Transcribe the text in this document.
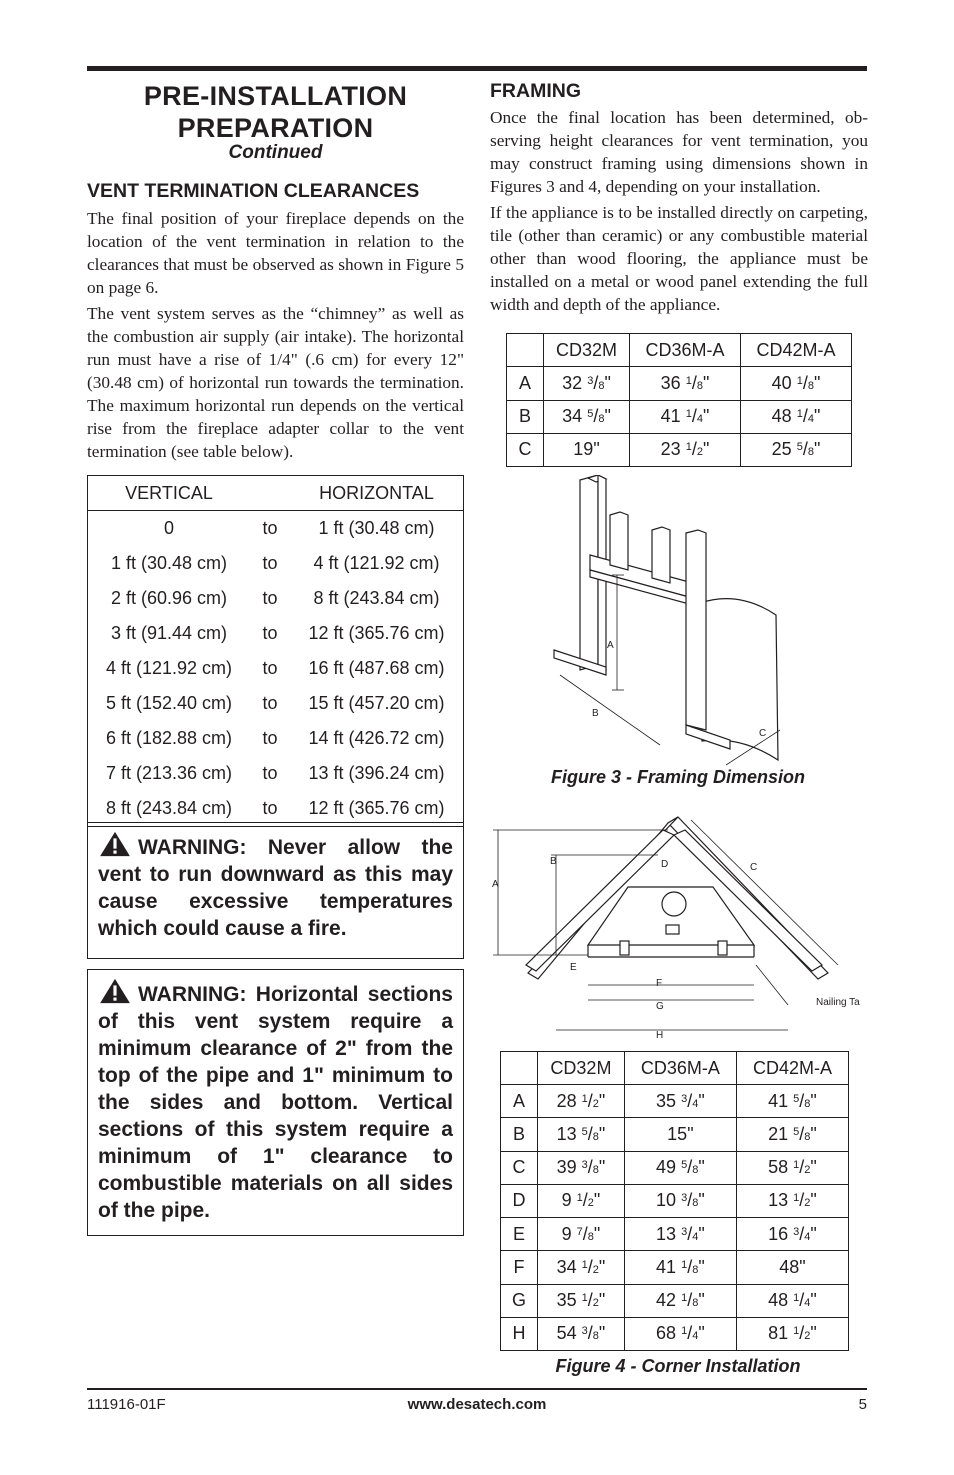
PRE-INSTALLATION
PREPARATION
Continued
VENT TERMINATION CLEARANCES

The final position of your fireplace depends on the location of the vent termination in relation to the clearances that must be observed as shown in Figure 5 on page 6.

The vent system serves as the “chimney” as well as the combustion air supply (air intake). The horizontal run must have a rise of 1/4" (.6 cm) for every 12" (30.48 cm) of horizontal run towards the termination. The maximum horizontal run depends on the vertical rise from the fireplace adapter collar to the vent termination (see table below).

VERTICAL		HORIZONTAL
0	to	1 ft (30.48 cm)
1 ft (30.48 cm)	to	4 ft (121.92 cm)
2 ft (60.96 cm)	to	8 ft (243.84 cm)
3 ft (91.44 cm)	to	12 ft (365.76 cm)
4 ft (121.92 cm)	to	16 ft (487.68 cm)
5 ft (152.40 cm)	to	15 ft (457.20 cm)
6 ft (182.88 cm)	to	14 ft (426.72 cm)
7 ft (213.36 cm)	to	13 ft (396.24 cm)
8 ft (243.84 cm)	to	12 ft (365.76 cm)
WARNING: Never allow the vent to run downward as this may cause excessive temperatures which could cause a fire.
WARNING: Horizontal sections of this vent system require a minimum clearance of 2" from the top of the pipe and 1" minimum to the sides and bottom. Vertical sections of this system require a minimum of 1" clearance to combustible materials on all sides of the pipe.
FRAMING

Once the final location has been determined, observing height clearances for vent termination, you may construct framing using dimensions shown in Figures 3 and 4, depending on your installation.

If the appliance is to be installed directly on carpeting, tile (other than ceramic) or any combustible material other than wood flooring, the appliance must be installed on a metal or wood panel extending the full width and depth of the appliance.

	CD32M	CD36M-A	CD42M-A
A	32 $^3$/8"	36 $^1$/8"	40 $^1$/8"
B	34 $^5$/8"	41 $^1$/4"	48 $^1$/4"
C	19"	23 $^1$/2"	25 $^5$/8"
A
B
C
Figure 3 - Framing Dimension
A
B
C
D
E
F
G
H
Nailing Ta
	CD32M	CD36M-A	CD42M-A
A	28 $^1$/2"	35 $^3$/4"	41 $^5$/8"
B	13 $^5$/8"	15"	21 $^5$/8"
C	39 $^3$/8"	49 $^5$/8"	58 $^1$/2"
D	9 $^1$/2"	10 $^3$/8"	13 $^1$/2"
E	9 $^7$/8"	13 $^3$/4"	16 $^3$/4"
F	34 $^1$/2"	41 $^1$/8"	48"
G	35 $^1$/2"	42 $^1$/8"	48 $^1$/4"
H	54 $^3$/8"	68 $^1$/4"	81 $^1$/2"
Figure 4 - Corner Installation
111916-01F	www.desatech.com	5
